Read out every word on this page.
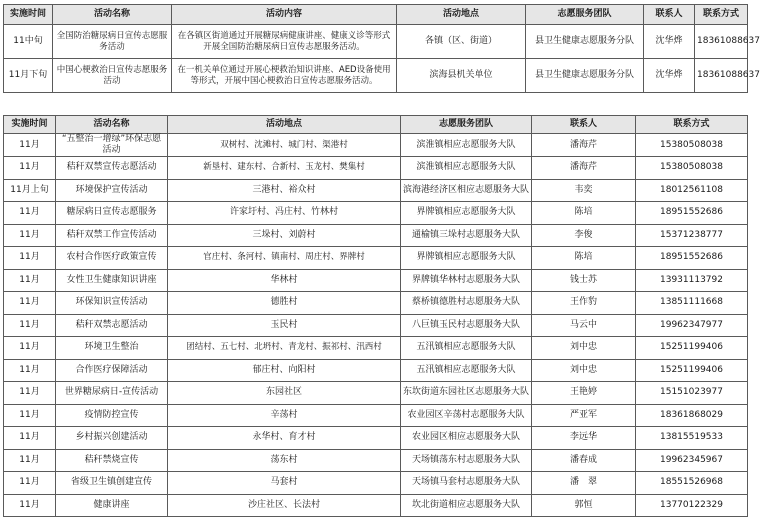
实施时间	活动名称	活动内容	活动地点	志愿服务团队	联系人	联系方式
11中旬	全国防治糖尿病日宣传志愿服务活动	在各镇区街道通过开展糖尿病健康讲座、健康义诊等形式开展全国防治糖尿病日宣传志愿服务活动。	各镇（区、街道）	县卫生健康志愿服务分队	沈华烨	18361088637
11月下旬	中国心梗救治日宣传志愿服务活动	在一机关单位通过开展心梗救治知识讲座、AED设备使用等形式，开展中国心梗救治日宣传志愿服务活动。	滨海县机关单位	县卫生健康志愿服务分队	沈华烨	18361088637
实施时间	活动名称	活动地点	志愿服务团队	联系人	联系方式
11月	“五整治一增绿”环保志愿活动	双树村、沈滩村、城门村、渠港村	滨淮镇相应志愿服务大队	潘海芹	15380508038
11月	秸秆双禁宣传志愿活动	新垦村、建东村、合新村、玉龙村、樊集村	滨淮镇相应志愿服务大队	潘海芹	15380508038
11月上旬	环境保护宣传活动	三港村、裕众村	滨海港经济区相应志愿服务大队	韦奕	18012561108
11月	糖尿病日宣传志愿服务	许家圩村、冯庄村、竹林村	界牌镇相应志愿服务大队	陈培	18951552686
11月	秸秆双禁工作宣传活动	三垛村、刘蔚村	通榆镇三垛村志愿服务大队	李俊	15371238777
11月	农村合作医疗政策宣传	官庄村、条河村、镇南村、周庄村、界牌村	界牌镇相应志愿服务大队	陈培	18951552686
11月	女性卫生健康知识讲座	华林村	界牌镇华林村志愿服务大队	钱士苏	13931113792
11月	环保知识宣传活动	德胜村	蔡桥镇德胜村志愿服务大队	王作豹	13851111668
11月	秸秆双禁志愿活动	玉民村	八巨镇玉民村志愿服务大队	马云中	19962347977
11月	环境卫生整治	团结村、五七村、北坍村、青龙村、振祁村、汛西村	五汛镇相应志愿服务大队	刘中忠	15251199406
11月	合作医疗保障活动	郁庄村、向阳村	五汛镇相应志愿服务大队	刘中忠	15251199406
11月	世界糖尿病日-宣传活动	东园社区	东坎街道东园社区志愿服务大队	王艳婷	15151023977
11月	疫情防控宣传	辛荡村	农业园区辛荡村志愿服务大队	严亚军	18361868029
11月	乡村振兴创建活动	永华村、育才村	农业园区相应志愿服务大队	李远华	13815519533
11月	秸秆禁烧宣传	荡东村	天场镇荡东村志愿服务大队	潘春成	19962345967
11月	省级卫生镇创建宣传	马套村	天场镇马套村志愿服务大队	潘　翠	18551526968
11月	健康讲座	沙庄社区、长法村	坎北街道相应志愿服务大队	郭恒	13770122329
